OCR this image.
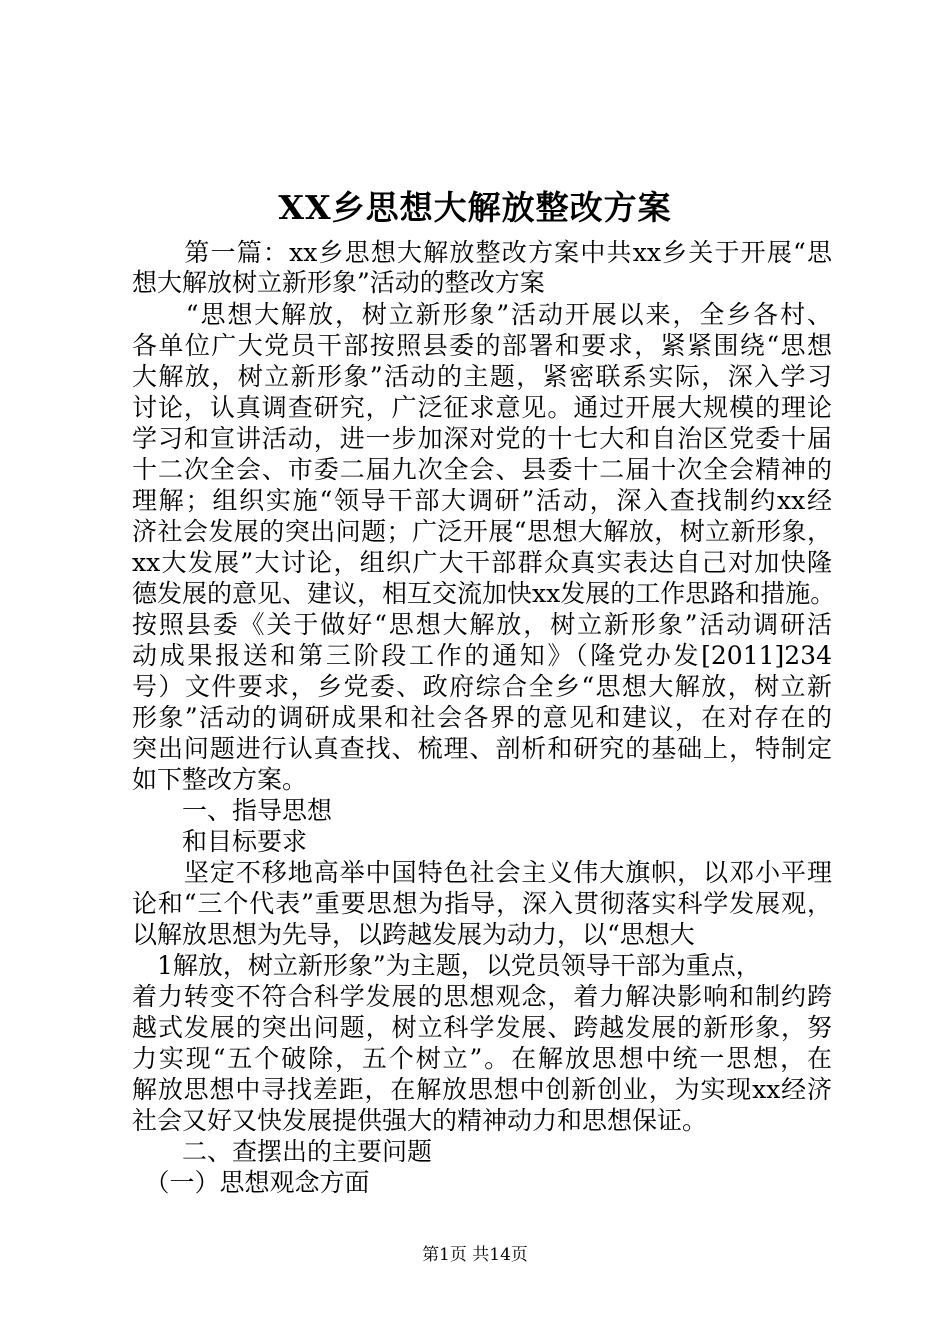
XX乡思想大解放整改方案
　　第一篇：xx乡思想大解放整改方案中共xx乡关于开展“思
想大解放树立新形象”活动的整改方案
　　“思想大解放，树立新形象”活动开展以来，全乡各村、
各单位广大党员干部按照县委的部署和要求，紧紧围绕“思想
大解放，树立新形象”活动的主题，紧密联系实际，深入学习
讨论，认真调查研究，广泛征求意见。通过开展大规模的理论
学习和宣讲活动，进一步加深对党的十七大和自治区党委十届
十二次全会、市委二届九次全会、县委十二届十次全会精神的
理解；组织实施“领导干部大调研”活动，深入查找制约xx经
济社会发展的突出问题；广泛开展“思想大解放，树立新形象，
xx大发展”大讨论，组织广大干部群众真实表达自己对加快隆
德发展的意见、建议，相互交流加快xx发展的工作思路和措施。
按照县委《关于做好“思想大解放，树立新形象”活动调研活
动成果报送和第三阶段工作的通知》（隆党办发[2011]234
号）文件要求，乡党委、政府综合全乡“思想大解放，树立新
形象”活动的调研成果和社会各界的意见和建议，在对存在的
突出问题进行认真查找、梳理、剖析和研究的基础上，特制定
如下整改方案。
　　一、指导思想
　　和目标要求
　　坚定不移地高举中国特色社会主义伟大旗帜，以邓小平理
论和“三个代表”重要思想为指导，深入贯彻落实科学发展观，
以解放思想为先导，以跨越发展为动力，以“思想大
　1解放，树立新形象”为主题，以党员领导干部为重点，
着力转变不符合科学发展的思想观念，着力解决影响和制约跨
越式发展的突出问题，树立科学发展、跨越发展的新形象，努
力实现“五个破除，五个树立”。在解放思想中统一思想，在
解放思想中寻找差距，在解放思想中创新创业，为实现xx经济
社会又好又快发展提供强大的精神动力和思想保证。
　　二、查摆出的主要问题
　（一）思想观念方面
第1页 共14页
